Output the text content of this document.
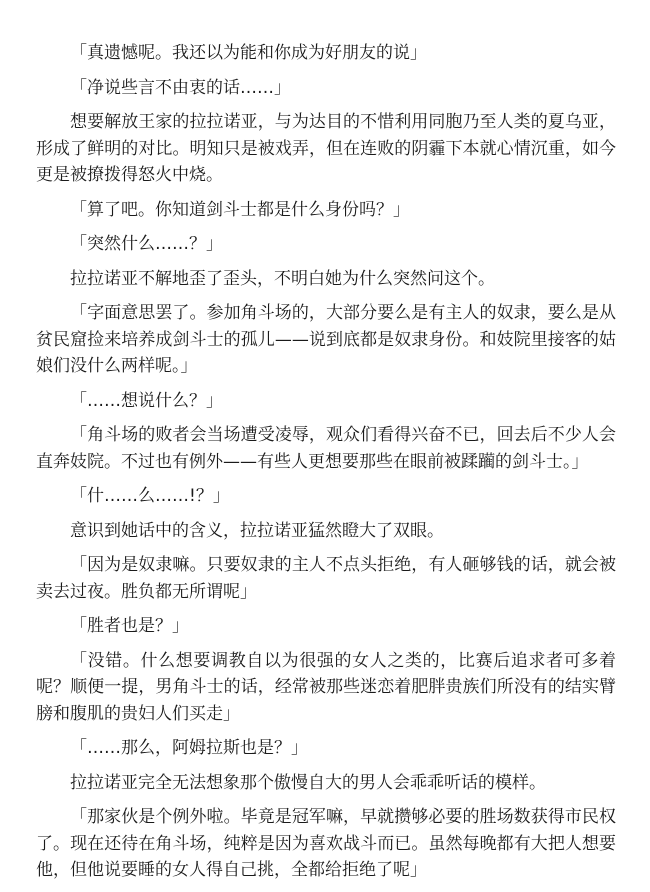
「真遗憾呢。我还以为能和你成为好朋友的说」

「净说些言不由衷的话……」

想要解放王家的拉拉诺亚，与为达目的不惜利用同胞乃至人类的夏乌亚，形成了鲜明的对比。明知只是被戏弄，但在连败的阴霾下本就心情沉重，如今更是被撩拨得怒火中烧。

「算了吧。你知道剑斗士都是什么身份吗？」

「突然什么……？」

拉拉诺亚不解地歪了歪头，不明白她为什么突然问这个。

「字面意思罢了。参加角斗场的，大部分要么是有主人的奴隶，要么是从贫民窟捡来培养成剑斗士的孤儿——说到底都是奴隶身份。和妓院里接客的姑娘们没什么两样呢。」

「……想说什么？」

「角斗场的败者会当场遭受凌辱，观众们看得兴奋不已，回去后不少人会直奔妓院。不过也有例外——有些人更想要那些在眼前被蹂躏的剑斗士。」

「什……么……!？」

意识到她话中的含义，拉拉诺亚猛然瞪大了双眼。

「因为是奴隶嘛。只要奴隶的主人不点头拒绝，有人砸够钱的话，就会被卖去过夜。胜负都无所谓呢」

「胜者也是？」

「没错。什么想要调教自以为很强的女人之类的，比赛后追求者可多着呢？顺便一提，男角斗士的话，经常被那些迷恋着肥胖贵族们所没有的结实臂膀和腹肌的贵妇人们买走」

「……那么，阿姆拉斯也是？」

拉拉诺亚完全无法想象那个傲慢自大的男人会乖乖听话的模样。

「那家伙是个例外啦。毕竟是冠军嘛，早就攒够必要的胜场数获得市民权了。现在还待在角斗场，纯粹是因为喜欢战斗而已。虽然每晚都有大把人想要他，但他说要睡的女人得自己挑，全都给拒绝了呢」
